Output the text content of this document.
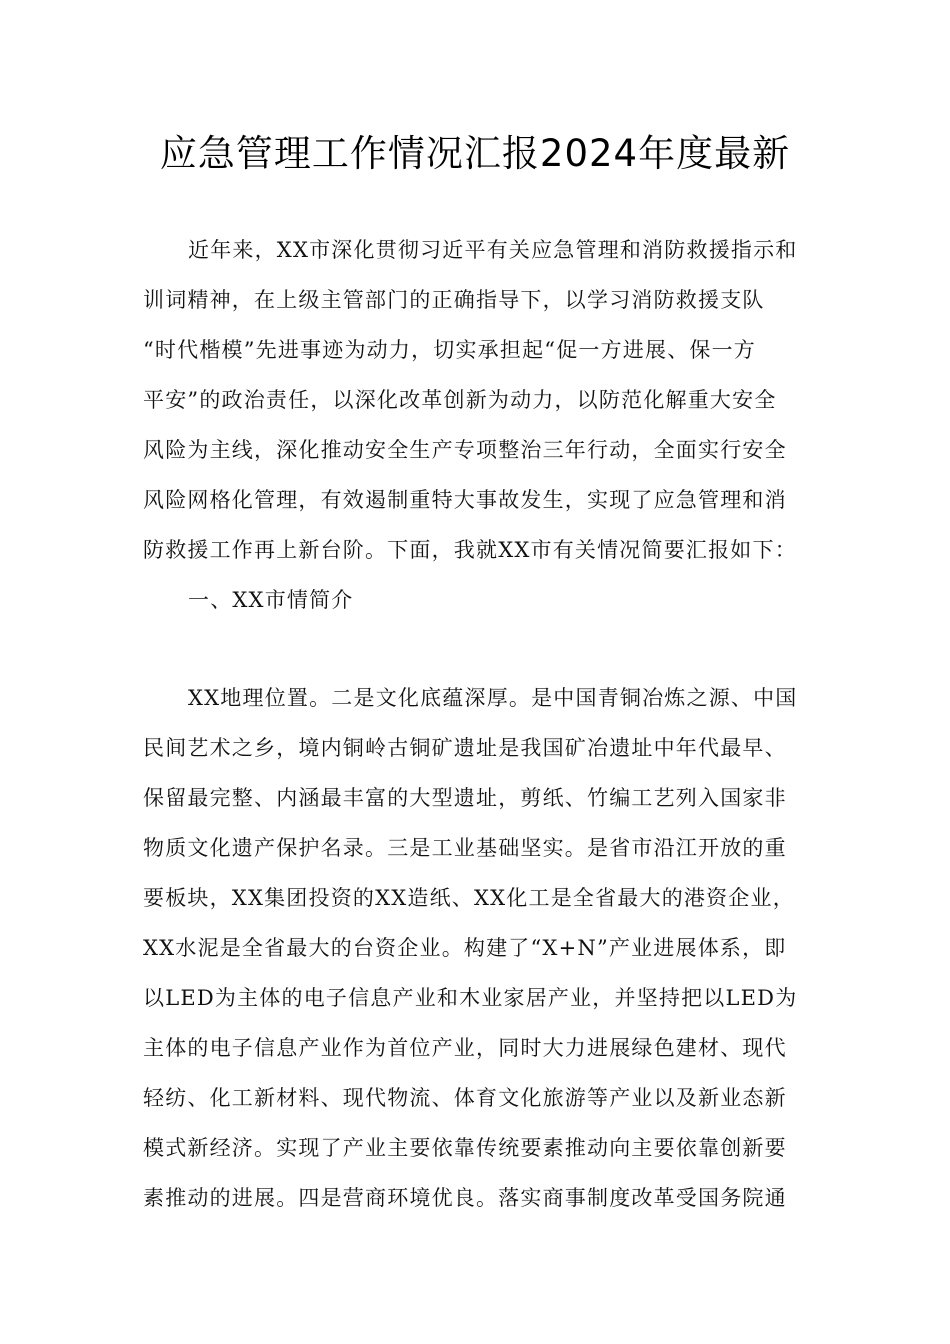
应急管理工作情况汇报2024年度最新

近年来，XX市深化贯彻习近平有关应急管理和消防救援指示和

训词精神，在上级主管部门的正确指导下，以学习消防救援支队

“时代楷模”先进事迹为动力，切实承担起“促一方进展、保一方

平安”的政治责任，以深化改革创新为动力，以防范化解重大安全

风险为主线，深化推动安全生产专项整治三年行动，全面实行安全

风险网格化管理，有效遏制重特大事故发生，实现了应急管理和消

防救援工作再上新台阶。下面，我就XX市有关情况简要汇报如下：

一、XX市情简介

XX地理位置。二是文化底蕴深厚。是中国青铜冶炼之源、中国

民间艺术之乡，境内铜岭古铜矿遗址是我国矿冶遗址中年代最早、

保留最完整、内涵最丰富的大型遗址，剪纸、竹编工艺列入国家非

物质文化遗产保护名录。三是工业基础坚实。是省市沿江开放的重

要板块，XX集团投资的XX造纸、XX化工是全省最大的港资企业，

XX水泥是全省最大的台资企业。构建了“X+N”产业进展体系，即

以LED为主体的电子信息产业和木业家居产业，并坚持把以LED为

主体的电子信息产业作为首位产业，同时大力进展绿色建材、现代

轻纺、化工新材料、现代物流、体育文化旅游等产业以及新业态新

模式新经济。实现了产业主要依靠传统要素推动向主要依靠创新要

素推动的进展。四是营商环境优良。落实商事制度改革受国务院通
